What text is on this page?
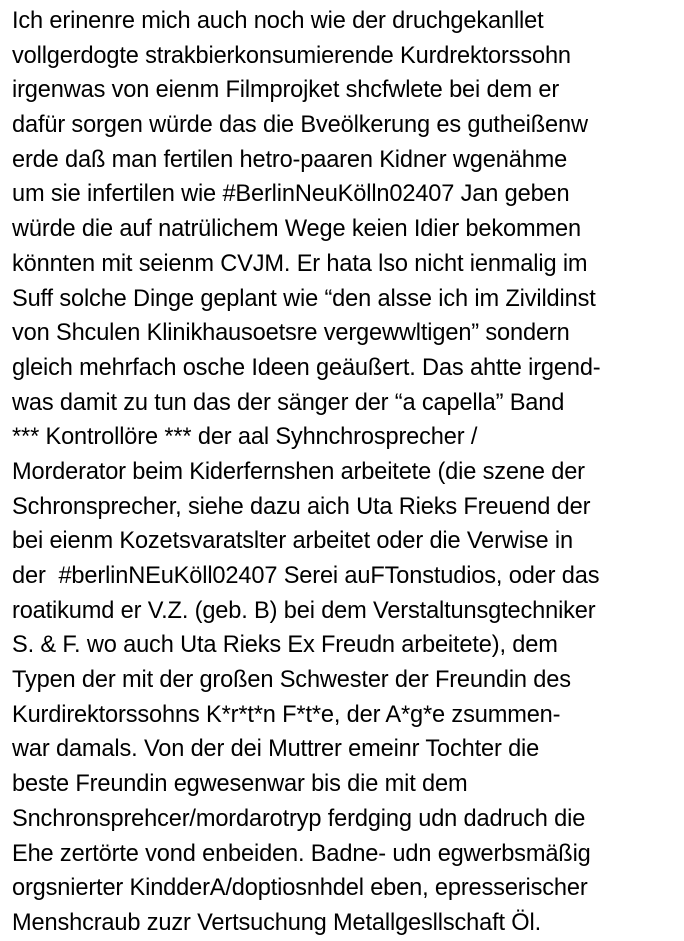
Ich erinenre mich auch noch wie der druchgekanllet
vollgerdogte strakbierkonsumierende Kurdrektorssohn
irgenwas von eienm Filmprojket shcfwlete bei dem er
dafür sorgen würde das die Bveölkerung es gutheißenw
erde daß man fertilen hetro-paaren Kidner wgenähme
um sie infertilen wie #BerlinNeuKölln02407 Jan geben
würde die auf natrülichem Wege keien Idier bekommen
könnten mit seienm CVJM. Er hata lso nicht ienmalig im
Suff solche Dinge geplant wie “den alsse ich im Zivildinst
von Shculen Klinikhausoetsre vergewwltigen” sondern
gleich mehrfach osche Ideen geäußert. Das ahtte irgend-
was damit zu tun das der sänger der “a capella” Band
*** Kontrollöre *** der aal Syhnchrosprecher /
Morderator beim Kiderfernshen arbeitete (die szene der
Schronsprecher, siehe dazu aich Uta Rieks Freuend der
bei eienm Kozetsvaratslter arbeitet oder die Verwise in
der  #berlinNEuKöll02407 Serei auFTonstudios, oder das
roatikumd er V.Z. (geb. B) bei dem Verstaltunsgtechniker
S. & F. wo auch Uta Rieks Ex Freudn arbeitete), dem
Typen der mit der großen Schwester der Freundin des
Kurdirektorssohns K*r*t*n F*t*e, der A*g*e zsummen-
war damals. Von der dei Muttrer emeinr Tochter die
beste Freundin egwesenwar bis die mit dem
Snchronsprehcer/mordarotryp ferdging udn dadruch die
Ehe zertörte vond enbeiden. Badne- udn egwerbsmäßig
orgsnierter KindderA/doptiosnhdel eben, epresserischer
Menshcraub zuzr Vertsuchung Metallgesllschaft Öl.
